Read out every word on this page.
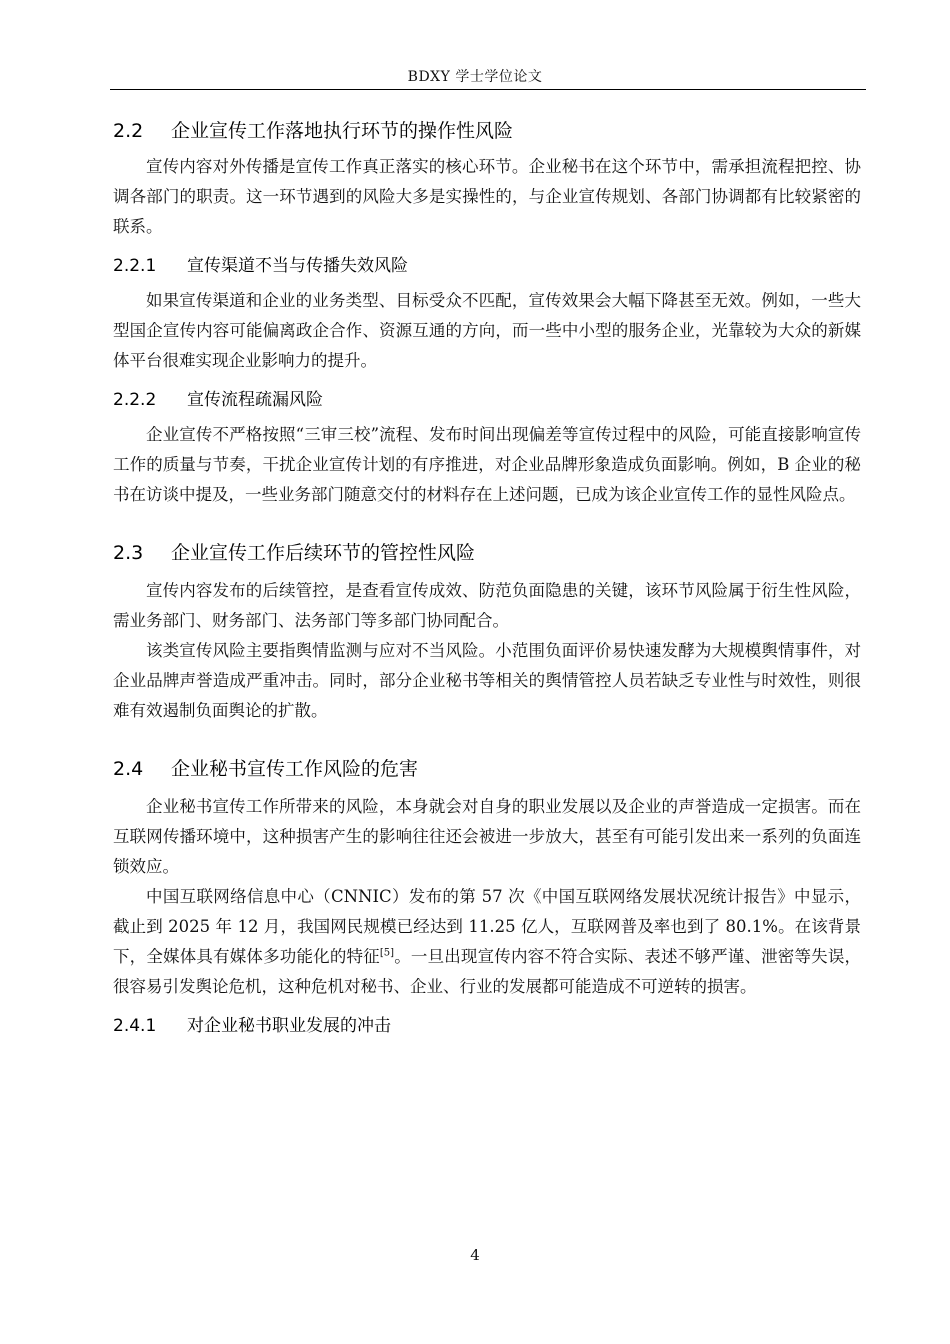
BDXY 学士学位论文
2.2 企业宣传工作落地执行环节的操作性风险

宣传内容对外传播是宣传工作真正落实的核心环节。企业秘书在这个环节中，需承担流程把控、协调各部门的职责。这一环节遇到的风险大多是实操性的，与企业宣传规划、各部门协调都有比较紧密的联系。

2.2.1 宣传渠道不当与传播失效风险

如果宣传渠道和企业的业务类型、目标受众不匹配，宣传效果会大幅下降甚至无效。例如，一些大型国企宣传内容可能偏离政企合作、资源互通的方向，而一些中小型的服务企业，光靠较为大众的新媒体平台很难实现企业影响力的提升。

2.2.2 宣传流程疏漏风险

企业宣传不严格按照“三审三校”流程、发布时间出现偏差等宣传过程中的风险，可能直接影响宣传工作的质量与节奏，干扰企业宣传计划的有序推进，对企业品牌形象造成负面影响。例如，B 企业的秘书在访谈中提及，一些业务部门随意交付的材料存在上述问题，已成为该企业宣传工作的显性风险点。

2.3 企业宣传工作后续环节的管控性风险

宣传内容发布的后续管控，是查看宣传成效、防范负面隐患的关键，该环节风险属于衍生性风险，需业务部门、财务部门、法务部门等多部门协同配合。

该类宣传风险主要指舆情监测与应对不当风险。小范围负面评价易快速发酵为大规模舆情事件，对企业品牌声誉造成严重冲击。同时，部分企业秘书等相关的舆情管控人员若缺乏专业性与时效性，则很难有效遏制负面舆论的扩散。

2.4 企业秘书宣传工作风险的危害

企业秘书宣传工作所带来的风险，本身就会对自身的职业发展以及企业的声誉造成一定损害。而在互联网传播环境中，这种损害产生的影响往往还会被进一步放大，甚至有可能引发出来一系列的负面连锁效应。

中国互联网络信息中心（CNNIC）发布的第 57 次《中国互联网络发展状况统计报告》中显示，截止到 2025 年 12 月，我国网民规模已经达到 11.25 亿人，互联网普及率也到了 80.1%。在该背景下，全媒体具有媒体多功能化的特征[5]。一旦出现宣传内容不符合实际、表述不够严谨、泄密等失误，很容易引发舆论危机，这种危机对秘书、企业、行业的发展都可能造成不可逆转的损害。

2.4.1 对企业秘书职业发展的冲击
4
